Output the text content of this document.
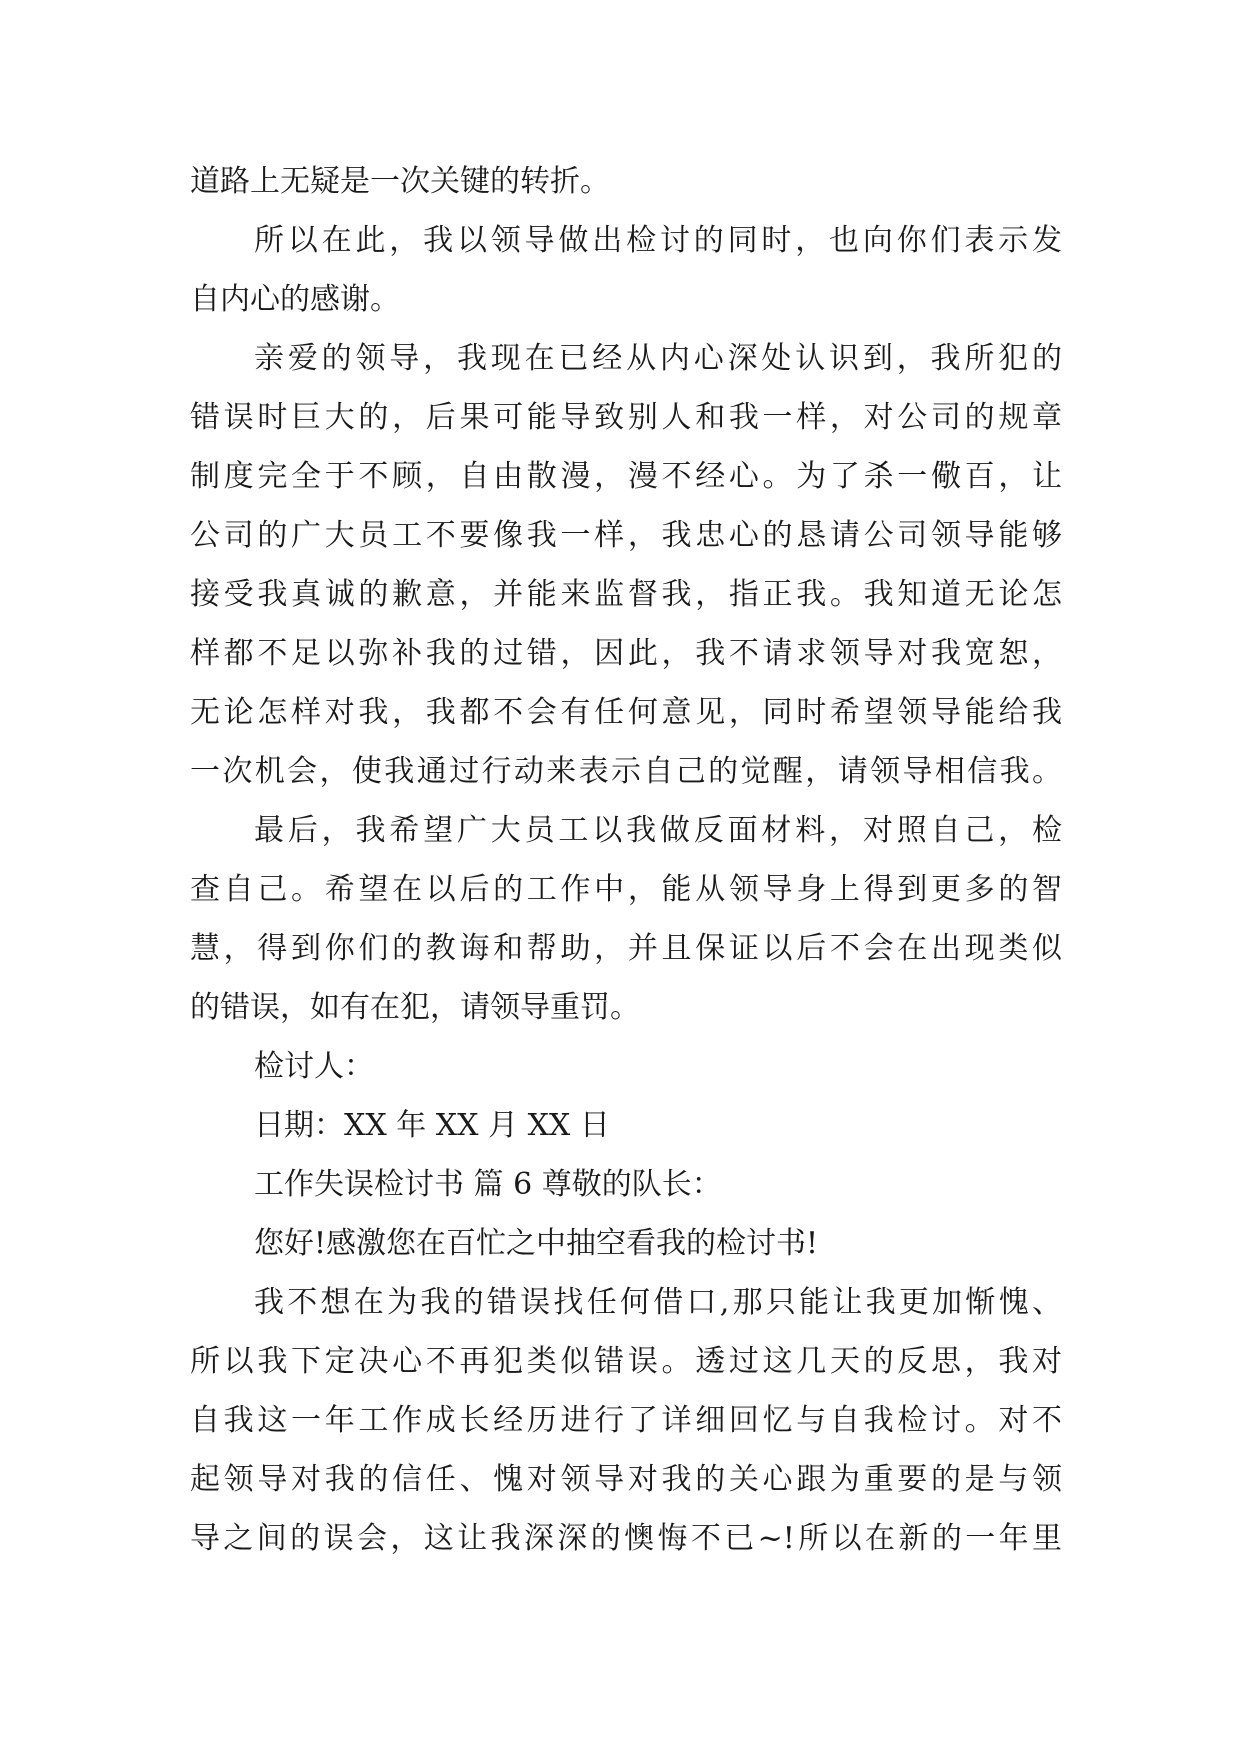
道路上无疑是一次关键的转折。
所以在此，我以领导做出检讨的同时，也向你们表示发
自内心的感谢。
亲爱的领导，我现在已经从内心深处认识到，我所犯的
错误时巨大的，后果可能导致别人和我一样，对公司的规章
制度完全于不顾，自由散漫，漫不经心。为了杀一儆百，让
公司的广大员工不要像我一样，我忠心的恳请公司领导能够
接受我真诚的歉意，并能来监督我，指正我。我知道无论怎
样都不足以弥补我的过错，因此，我不请求领导对我宽恕，
无论怎样对我，我都不会有任何意见，同时希望领导能给我
一次机会，使我通过行动来表示自己的觉醒，请领导相信我。
最后，我希望广大员工以我做反面材料，对照自己，检
查自己。希望在以后的工作中，能从领导身上得到更多的智
慧，得到你们的教诲和帮助，并且保证以后不会在出现类似
的错误，如有在犯，请领导重罚。
检讨人：
日期：XX 年 XX 月 XX 日
工作失误检讨书 篇 6 尊敬的队长：
您好!感激您在百忙之中抽空看我的检讨书!
我不想在为我的错误找任何借口,那只能让我更加惭愧、
所以我下定决心不再犯类似错误。透过这几天的反思，我对
自我这一年工作成长经历进行了详细回忆与自我检讨。对不
起领导对我的信任、愧对领导对我的关心跟为重要的是与领
导之间的误会，这让我深深的懊悔不已~!所以在新的一年里
